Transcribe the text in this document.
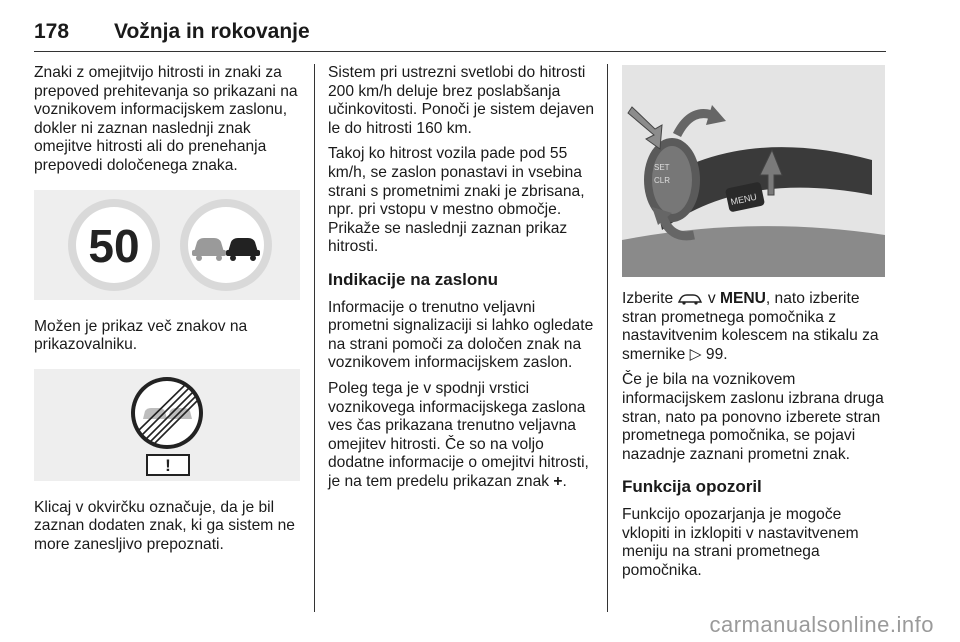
178 Vožnja in rokovanje

Znaki z omejitvijo hitrosti in znaki za prepoved prehitevanja so prikazani na voznikovem informacijskem zaslonu, dokler ni zaznan naslednji znak omejitve hitrosti ali do prenehanja prepovedi določenega znaka.

50

Možen je prikaz več znakov na prikazovalniku.

!

Klicaj v okvirčku označuje, da je bil zaznan dodaten znak, ki ga sistem ne more zanesljivo prepoznati.

Sistem pri ustrezni svetlobi do hitrosti 200 km/h deluje brez poslabšanja učinkovitosti. Ponoči je sistem dejaven le do hitrosti 160 km.

Takoj ko hitrost vozila pade pod 55 km/h, se zaslon ponastavi in vsebina strani s prometnimi znaki je zbrisana, npr. pri vstopu v mestno območje. Prikaže se naslednji zaznan prikaz hitrosti.

Indikacije na zaslonu

Informacije o trenutno veljavni prometni signalizaciji si lahko ogledate na strani pomoči za določen znak na voznikovem informacijskem zaslon.

Poleg tega je v spodnji vrstici voznikovega informacijskega zaslona ves čas prikazana trenutno veljavna omejitev hitrosti. Če so na voljo dodatne informacije o omejitvi hitrosti, je na tem predelu prikazan znak +.

MENU
SET
CLR

Izberite  v MENU, nato izberite stran prometnega pomočnika z nastavitvenim kolescem na stikalu za smernike ▷ 99.

Če je bila na voznikovem informacijskem zaslonu izbrana druga stran, nato pa ponovno izberete stran prometnega pomočnika, se pojavi nazadnje zaznani prometni znak.

Funkcija opozoril

Funkcijo opozarjanja je mogoče vklopiti in izklopiti v nastavitvenem meniju na strani prometnega pomočnika.

carmanualsonline.info
